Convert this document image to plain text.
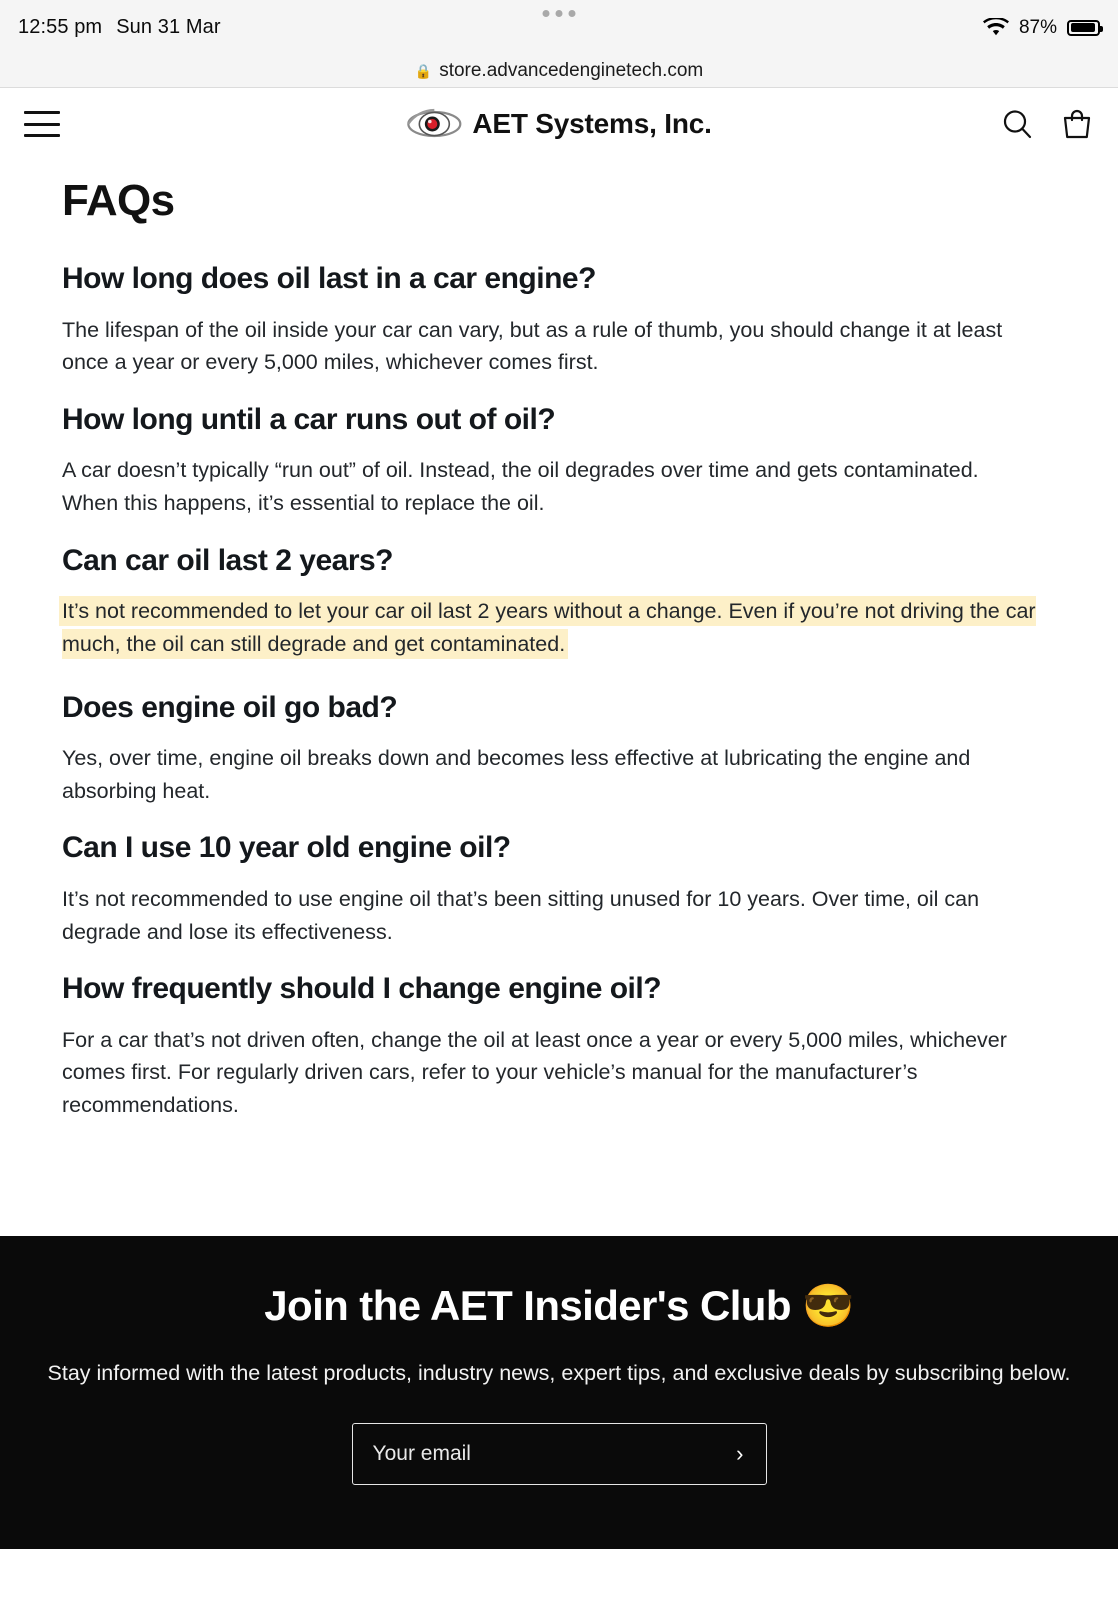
12:55 pm Sun 31 Mar	87%
🔒 store.advancedenginetech.com
AET Systems, Inc.
FAQs
How long does oil last in a car engine?

The lifespan of the oil inside your car can vary, but as a rule of thumb, you should change it at least once a year or every 5,000 miles, whichever comes first.

How long until a car runs out of oil?

A car doesn’t typically “run out” of oil. Instead, the oil degrades over time and gets contaminated. When this happens, it’s essential to replace the oil.

Can car oil last 2 years?

It’s not recommended to let your car oil last 2 years without a change. Even if you’re not driving the car much, the oil can still degrade and get contaminated.

Does engine oil go bad?

Yes, over time, engine oil breaks down and becomes less effective at lubricating the engine and absorbing heat.

Can I use 10 year old engine oil?

It’s not recommended to use engine oil that’s been sitting unused for 10 years. Over time, oil can degrade and lose its effectiveness.

How frequently should I change engine oil?

For a car that’s not driven often, change the oil at least once a year or every 5,000 miles, whichever comes first. For regularly driven cars, refer to your vehicle’s manual for the manufacturer’s recommendations.

Join the AET Insider's Club 😎
Stay informed with the latest products, industry news, expert tips, and exclusive deals by subscribing below.
Your email
›
